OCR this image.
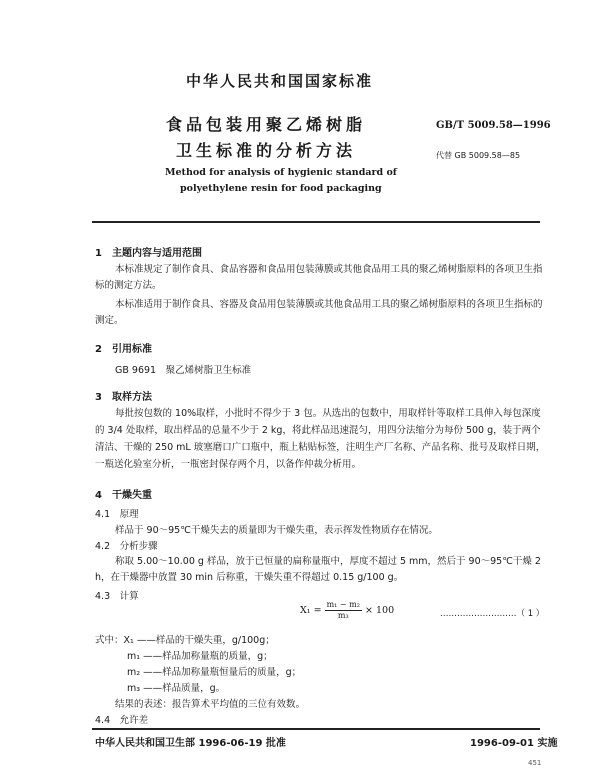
中华人民共和国国家标准
食品包装用聚乙烯树脂
卫生标准的分析方法
GB/T 5009.58—1996
代替 GB 5009.58—85
Method for analysis of hygienic standard of
polyethylene resin for food packaging
1　主题内容与适用范围
本标准规定了制作食具、食品容器和食品用包装薄膜或其他食品用工具的聚乙烯树脂原料的各项卫生指标的测定方法。
本标准适用于制作食具、容器及食品用包装薄膜或其他食品用工具的聚乙烯树脂原料的各项卫生指标的测定。
2　引用标准
GB 9691　聚乙烯树脂卫生标准
3　取样方法
每批按包数的 10%取样，小批时不得少于 3 包。从选出的包数中，用取样针等取样工具伸入每包深度的 3/4 处取样，取出样品的总量不少于 2 kg，将此样品迅速混匀，用四分法缩分为每份 500 g，装于两个清洁、干燥的 250 mL 玻塞磨口广口瓶中，瓶上粘贴标签，注明生产厂名称、产品名称、批号及取样日期，一瓶送化验室分析，一瓶密封保存两个月，以备作仲裁分析用。
4　干燥失重
4.1　原理
样品于 90～95℃干燥失去的质量即为干燥失重，表示挥发性物质存在情况。
4.2　分析步骤
称取 5.00～10.00 g 样品，放于已恒量的扁称量瓶中，厚度不超过 5 mm，然后于 90～95℃干燥 2 h，在干燥器中放置 30 min 后称重，干燥失重不得超过 0.15 g/100 g。
4.3　计算
$X_1 = \frac{\text{m₁ − m₂}}{\text{m₃}} \times 100$	………………………（ 1 ）
式中：X₁ ——样品的干燥失重，g/100g；
m₁ ——样品加称量瓶的质量，g；
m₂ ——样品加称量瓶恒量后的质量，g；
m₃ ——样品质量，g。
结果的表述：报告算术平均值的三位有效数。
4.4　允许差
中华人民共和国卫生部 1996-06-19 批准	1996-09-01 实施
451
